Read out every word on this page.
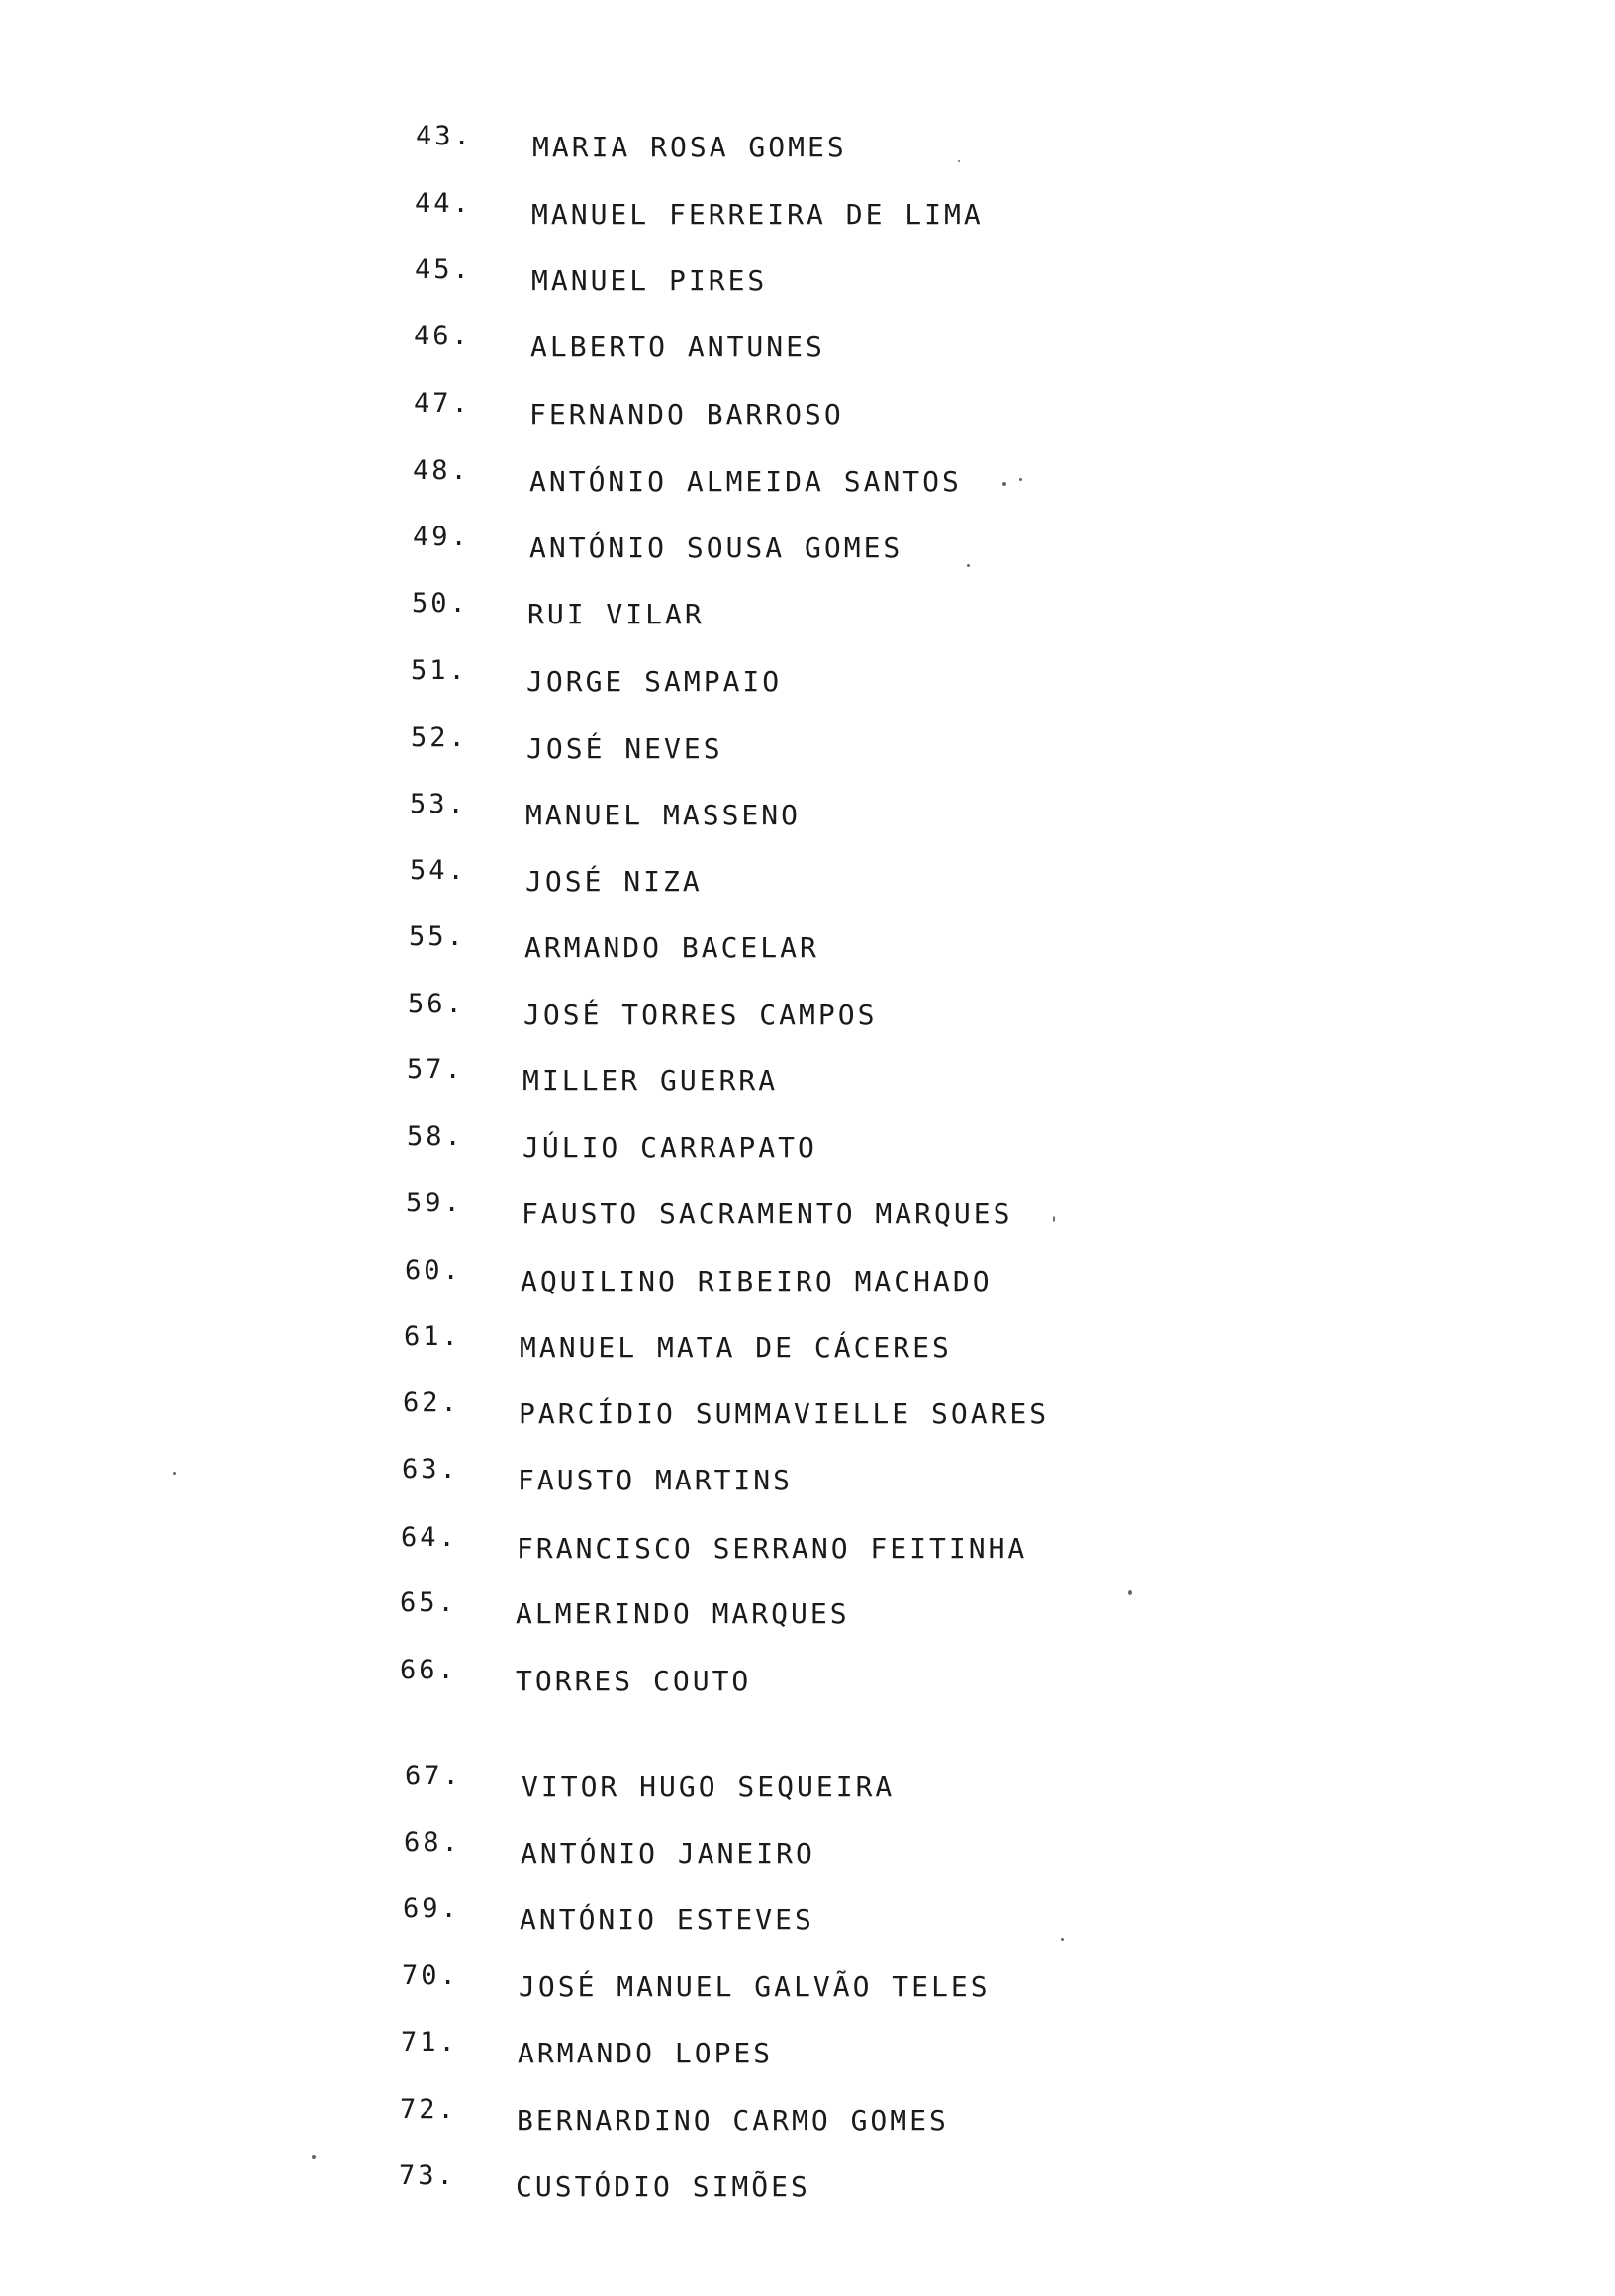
43. MARIA ROSA GOMES
44. MANUEL FERREIRA DE LIMA
45. MANUEL PIRES
46. ALBERTO ANTUNES
47. FERNANDO BARROSO
48. ANTÓNIO ALMEIDA SANTOS
49. ANTÓNIO SOUSA GOMES
50. RUI VILAR
51. JORGE SAMPAIO
52. JOSÉ NEVES
53. MANUEL MASSENO
54. JOSÉ NIZA
55. ARMANDO BACELAR
56. JOSÉ TORRES CAMPOS
57. MILLER GUERRA
58. JÚLIO CARRAPATO
59. FAUSTO SACRAMENTO MARQUES
60. AQUILINO RIBEIRO MACHADO
61. MANUEL MATA DE CÁCERES
62. PARCÍDIO SUMMAVIELLE SOARES
63. FAUSTO MARTINS
64. FRANCISCO SERRANO FEITINHA
65. ALMERINDO MARQUES
66. TORRES COUTO
67. VITOR HUGO SEQUEIRA
68. ANTÓNIO JANEIRO
69. ANTÓNIO ESTEVES
70. JOSÉ MANUEL GALVÃO TELES
71. ARMANDO LOPES
72. BERNARDINO CARMO GOMES
73. CUSTÓDIO SIMÕES
